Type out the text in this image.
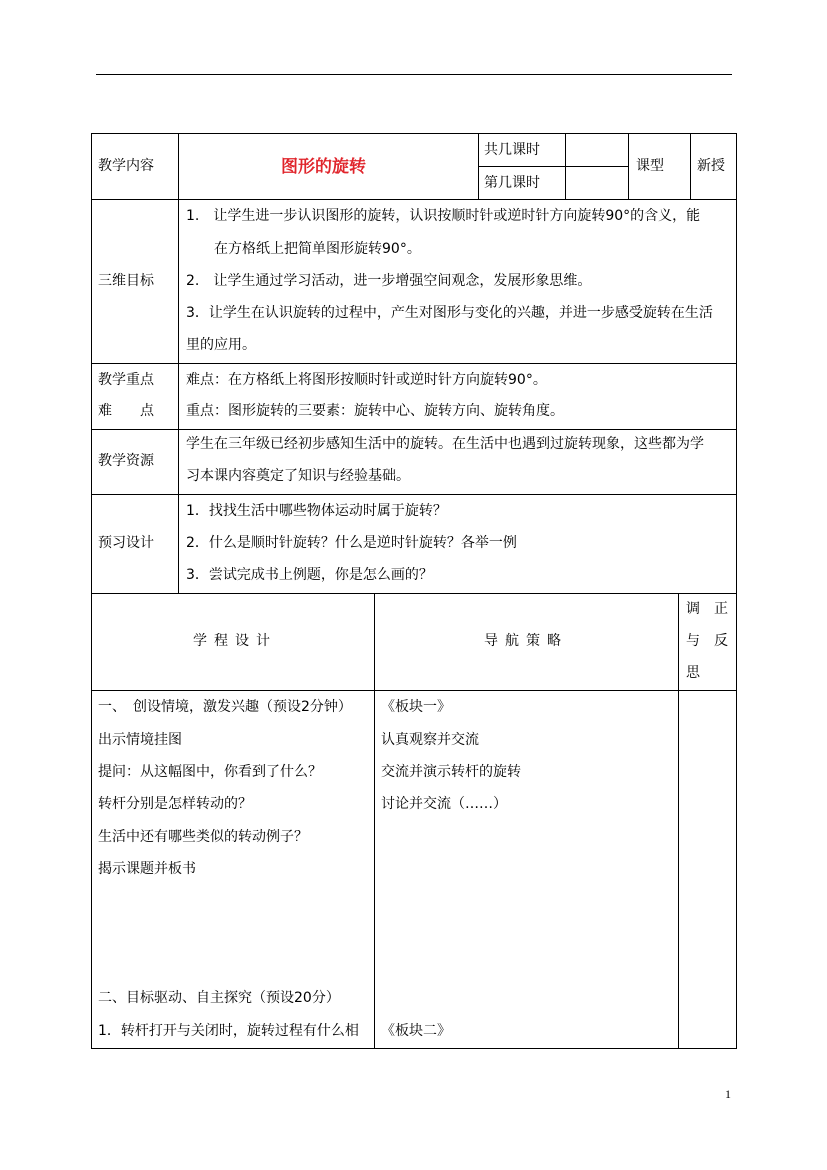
教学内容	图形的旋转
共几课时
第几课时
课型 新授
三维目标
1.　让学生进一步认识图形的旋转，认识按顺时针或逆时针方向旋转90°的含义，能
在方格纸上把简单图形旋转90°。
2.　让学生通过学习活动，进一步增强空间观念，发展形象思维。
3．让学生在认识旋转的过程中，产生对图形与变化的兴趣，并进一步感受旋转在生活
里的应用。
教学重点
难　　点
难点：在方格纸上将图形按顺时针或逆时针方向旋转90°。
重点：图形旋转的三要素：旋转中心、旋转方向、旋转角度。
教学资源
学生在三年级已经初步感知生活中的旋转。在生活中也遇到过旋转现象，这些都为学
习本课内容奠定了知识与经验基础。
预习设计
1．找找生活中哪些物体运动时属于旋转？
2．什么是顺时针旋转？什么是逆时针旋转？各举一例
3．尝试完成书上例题，你是怎么画的？
学程设计	导航策略
调 正
与 反
思
一、　创设情境，激发兴趣（预设2分钟）
出示情境挂图
提问：从这幅图中，你看到了什么？
转杆分别是怎样转动的？
生活中还有哪些类似的转动例子？
揭示课题并板书
二、目标驱动、自主探究（预设20分）
1．转杆打开与关闭时，旋转过程有什么相
《板块一》
认真观察并交流
交流并演示转杆的旋转
讨论并交流（……）
《板块二》
1
